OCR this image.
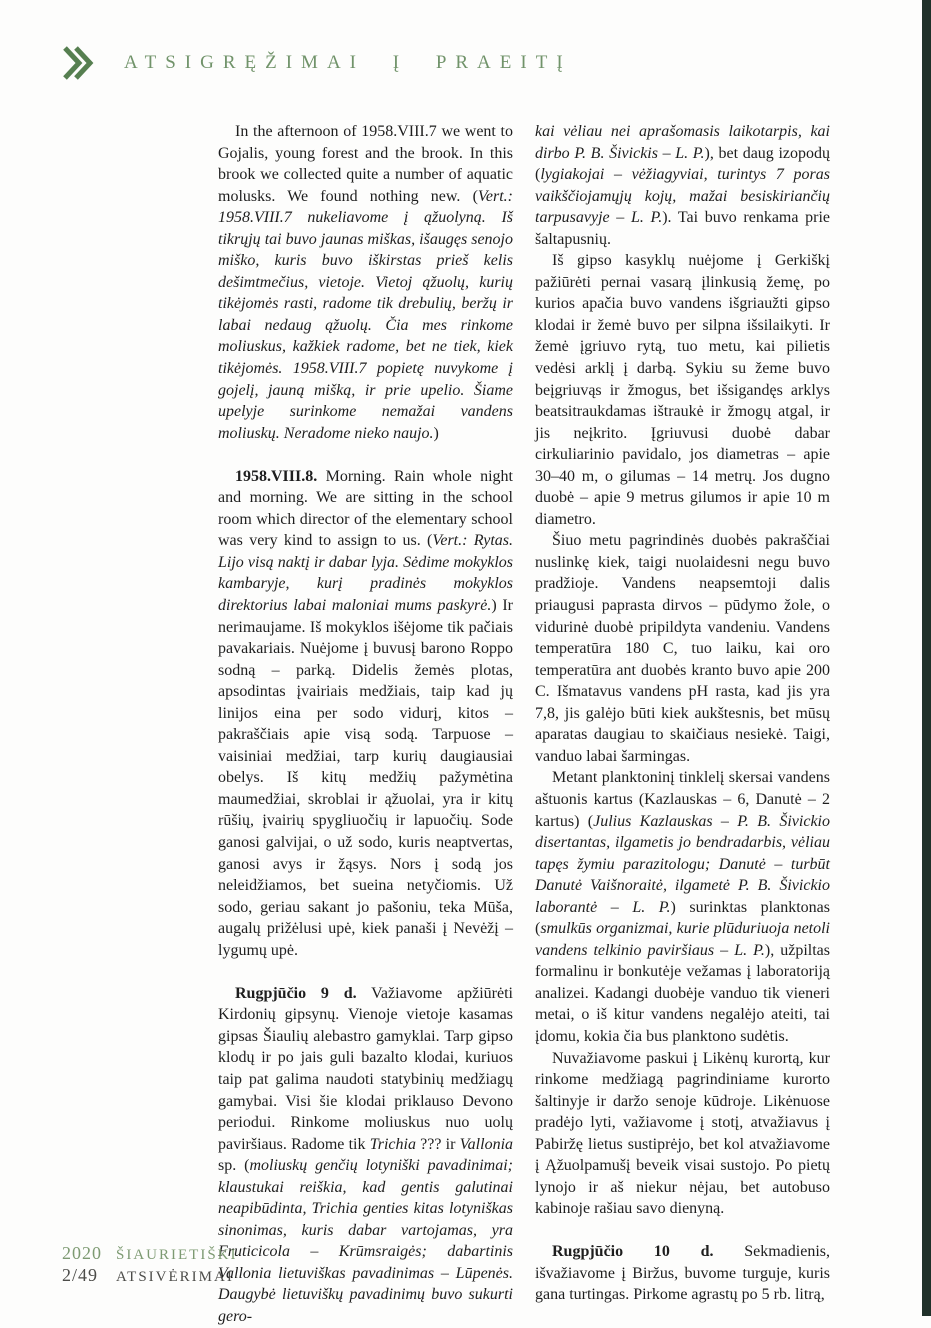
ATSIGRĘŽIMAI Į PRAEITĮ

In the afternoon of 1958.VIII.7 we went to Gojalis, young forest and the brook. In this brook we collected quite a number of aquatic molusks. We found nothing new. (Vert.: 1958.VIII.7 nukeliavome į ąžuolyną. Iš tikrųjų tai buvo jaunas miškas, išaugęs senojo miško, kuris buvo iškirstas prieš kelis dešimtmečius, vietoje. Vietoj ąžuolų, kurių tikėjomės rasti, radome tik drebulių, beržų ir labai nedaug ąžuolų. Čia mes rinkome moliuskus, kažkiek radome, bet ne tiek, kiek tikėjomės. 1958.VIII.7 popietę nuvykome į gojelį, jauną mišką, ir prie upelio. Šiame upelyje surinkome nemažai vandens moliuskų. Neradome nieko naujo.)

1958.VIII.8. Morning. Rain whole night and morning. We are sitting in the school room which director of the elementary school was very kind to assign to us. (Vert.: Rytas. Lijo visą naktį ir dabar lyja. Sėdime mokyklos kambaryje, kurį pradinės mokyklos direktorius labai maloniai mums paskyrė.) Ir nerimaujame. Iš mokyklos išėjome tik pačiais pavakariais. Nuėjome į buvusį barono Roppo sodną – parką. Didelis žemės plotas, apsodintas įvairiais medžiais, taip kad jų linijos eina per sodo vidurį, kitos – pakraščiais apie visą sodą. Tarpuose – vaisiniai medžiai, tarp kurių daugiausiai obelys. Iš kitų medžių pažymėtina maumedžiai, skroblai ir ąžuolai, yra ir kitų rūšių, įvairių spygliuočių ir lapuočių. Sode ganosi galvijai, o už sodo, kuris neaptvertas, ganosi avys ir žąsys. Nors į sodą jos neleidžiamos, bet sueina netyčiomis. Už sodo, geriau sakant jo pašoniu, teka Mūša, augalų prižėlusi upė, kiek panaši į Nevėžį – lygumų upė.

Rugpjūčio 9 d. Važiavome apžiūrėti Kirdonių gipsynų. Vienoje vietoje kasamas gipsas Šiaulių alebastro gamyklai. Tarp gipso klodų ir po jais guli bazalto klodai, kuriuos taip pat galima naudoti statybinių medžiagų gamybai. Visi šie klodai priklauso Devono periodui. Rinkome moliuskus nuo uolų paviršiaus. Radome tik Trichia ??? ir Vallonia sp. (moliuskų genčių lotyniški pavadinimai; klaustukai reiškia, kad gentis galutinai neapibūdinta, Trichia genties kitas lotyniškas sinonimas, kuris dabar vartojamas, yra Fruticicola – Krūmsraigės; dabartinis Vallonia lietuviškas pavadinimas – Lūpenės. Daugybė lietuviškų pavadinimų buvo sukurti gero-

kai vėliau nei aprašomasis laikotarpis, kai dirbo P. B. Šivickis – L. P.), bet daug izopodų (lygiakojai – vėžiagyviai, turintys 7 poras vaikščiojamųjų kojų, mažai besiskiriančių tarpusavyje – L. P.). Tai buvo renkama prie šaltapusnių.

Iš gipso kasyklų nuėjome į Gerkiškį pažiūrėti pernai vasarą įlinkusią žemę, po kurios apačia buvo vandens išgriaužti gipso klodai ir žemė buvo per silpna išsilaikyti. Ir žemė įgriuvo rytą, tuo metu, kai pilietis vedėsi arklį į darbą. Sykiu su žeme buvo beįgriuvąs ir žmogus, bet išsigandęs arklys beatsitraukdamas ištraukė ir žmogų atgal, ir jis neįkrito. Įgriuvusi duobė dabar cirkuliarinio pavidalo, jos diametras – apie 30–40 m, o gilumas – 14 metrų. Jos dugno duobė – apie 9 metrus gilumos ir apie 10 m diametro.

Šiuo metu pagrindinės duobės pakraščiai nuslinkę kiek, taigi nuolaidesni negu buvo pradžioje. Vandens neapsemtoji dalis priaugusi paprasta dirvos – pūdymo žole, o vidurinė duobė pripildyta vandeniu. Vandens temperatūra 180 C, tuo laiku, kai oro temperatūra ant duobės kranto buvo apie 200 C. Išmatavus vandens pH rasta, kad jis yra 7,8, jis galėjo būti kiek aukštesnis, bet mūsų aparatas daugiau to skaičiaus nesiekė. Taigi, vanduo labai šarmingas.

Metant planktoninį tinklelį skersai vandens aštuonis kartus (Kazlauskas – 6, Danutė – 2 kartus) (Julius Kazlauskas – P. B. Šivickio disertantas, ilgametis jo bendradarbis, vėliau tapęs žymiu parazitologu; Danutė – turbūt Danutė Vaišnoraitė, ilgametė P. B. Šivickio laborantė – L. P.) surinktas planktonas (smulkūs organizmai, kurie plūduriuoja netoli vandens telkinio paviršiaus – L. P.), užpiltas formalinu ir bonkutėje vežamas į laboratoriją analizei. Kadangi duobėje vanduo tik vieneri metai, o iš kitur vandens negalėjo ateiti, tai įdomu, kokia čia bus planktono sudėtis.

Nuvažiavome paskui į Likėnų kurortą, kur rinkome medžiagą pagrindiniame kurorto šaltinyje ir daržo senoje kūdroje. Likėnuose pradėjo lyti, važiavome į stotį, atvažiavus į Pabiržę lietus sustiprėjo, bet kol atvažiavome į Ąžuolpamušį beveik visai sustojo. Po pietų lynojo ir aš niekur nėjau, bet autobuso kabinoje rašiau savo dienyną.

Rugpjūčio 10 d. Sekmadienis, išvažiavome į Biržus, buvome turguje, kuris gana turtingas. Pirkome agrastų po 5 rb. litrą,

2020 ŠIAURIETIŠKI
2/49	ATSIVĖRIMAI
